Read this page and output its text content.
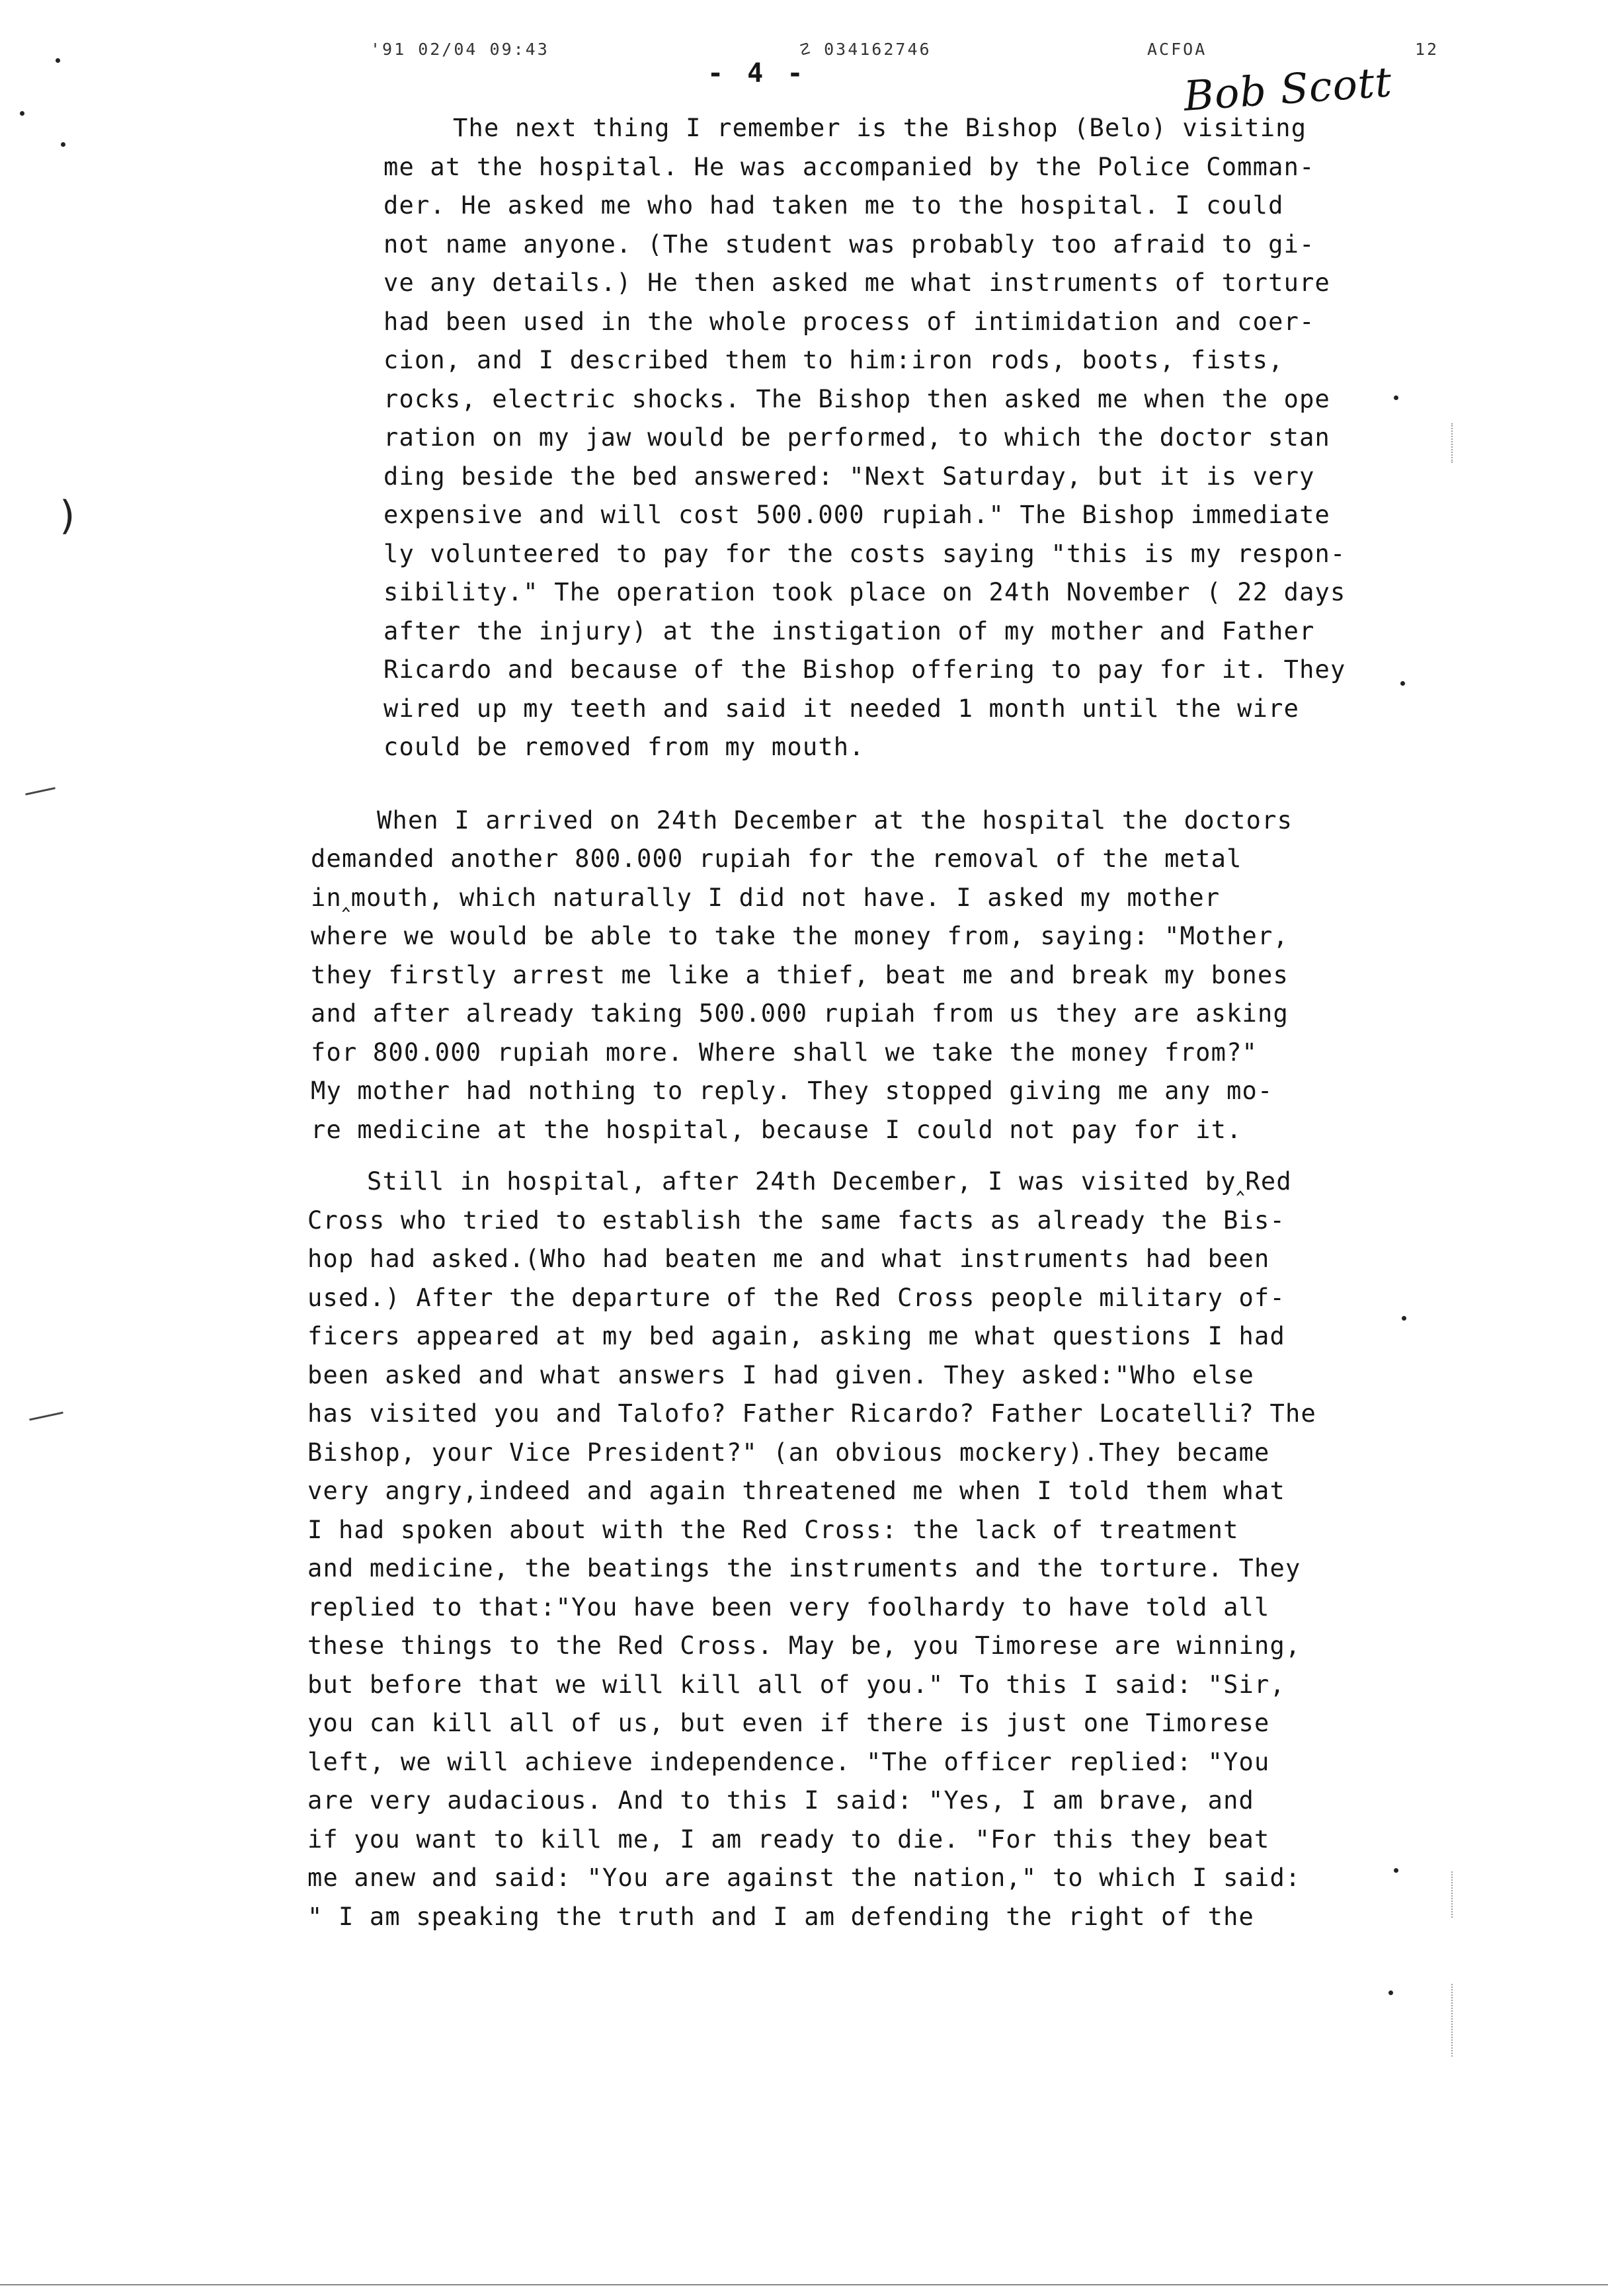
'91 02/04 09:43	☡ 034162746	ACFOA	12
- 4 -	Bob Scott

The next thing I remember is the Bishop (Belo) visiting

me at the hospital. He was accompanied by the Police Comman-

der. He asked me who had taken me to the hospital. I could

not name anyone. (The student was probably too afraid to gi-

ve any details.) He then asked me what instruments of torture

had been used in the whole process of intimidation and coer-

cion, and I described them to him:iron rods, boots, fists,

rocks, electric shocks. The Bishop then asked me when the ope

ration on my jaw would be performed, to which the doctor stan

ding beside the bed answered: "Next Saturday, but it is very

expensive and will cost 500.000 rupiah." The Bishop immediate

ly volunteered to pay for the costs saying "this is my respon-

sibility." The operation took place on 24th November ( 22 days

after the injury) at the instigation of my mother and Father

Ricardo and because of the Bishop offering to pay for it. They

wired up my teeth and said it needed 1 month until the wire

could be removed from my mouth.

When I arrived on 24th December at the hospital the doctors

demanded another 800.000 rupiah for the removal of the metal

in‸mouth, which naturally I did not have. I asked my mother

where we would be able to take the money from, saying: "Mother,

they firstly arrest me like a thief, beat me and break my bones

and after already taking 500.000 rupiah from us they are asking

for 800.000 rupiah more. Where shall we take the money from?"

My mother had nothing to reply. They stopped giving me any mo-

re medicine at the hospital, because I could not pay for it.

Still in hospital, after 24th December, I was visited by‸Red

Cross who tried to establish the same facts as already the Bis-

hop had asked.(Who had beaten me and what instruments had been

used.) After the departure of the Red Cross people military of-

ficers appeared at my bed again, asking me what questions I had

been asked and what answers I had given. They asked:"Who else

has visited you and Talofo? Father Ricardo? Father Locatelli? The

Bishop, your Vice President?" (an obvious mockery).They became

very angry,indeed and again threatened me when I told them what

I had spoken about with the Red Cross: the lack of treatment

and medicine, the beatings the instruments and the torture. They

replied to that:"You have been very foolhardy to have told all

these things to the Red Cross. May be, you Timorese are winning,

but before that we will kill all of you." To this I said: "Sir,

you can kill all of us, but even if there is just one Timorese

left, we will achieve independence. "The officer replied: "You

are very audacious. And to this I said: "Yes, I am brave, and

if you want to kill me, I am ready to die. "For this they beat

me anew and said: "You are against the nation," to which I said:

" I am speaking the truth and I am defending the right of the

)
